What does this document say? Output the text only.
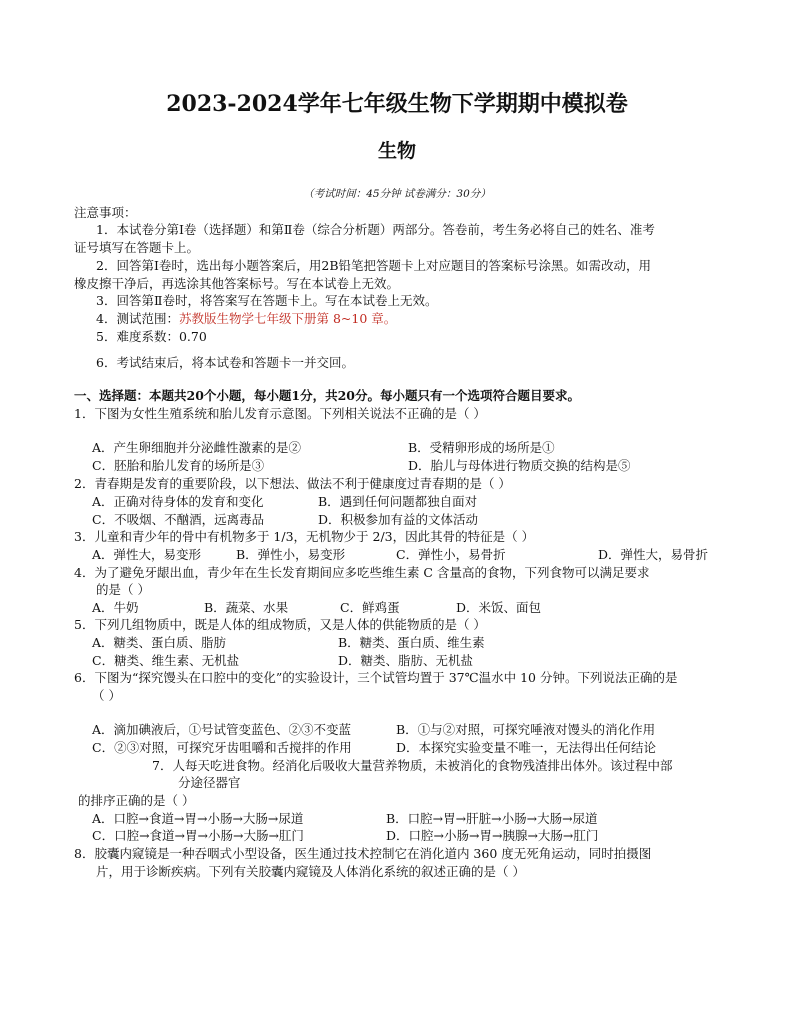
2023-2024学年七年级生物下学期期中模拟卷
生物
（考试时间：45分钟 试卷满分：30分）
注意事项：
1．本试卷分第Ⅰ卷（选择题）和第Ⅱ卷（综合分析题）两部分。答卷前，考生务必将自己的姓名、准考
证号填写在答题卡上。
2．回答第Ⅰ卷时，选出每小题答案后，用2B铅笔把答题卡上对应题目的答案标号涂黑。如需改动，用
橡皮擦干净后，再选涂其他答案标号。写在本试卷上无效。
3．回答第Ⅱ卷时，将答案写在答题卡上。写在本试卷上无效。
4．测试范围：苏教版生物学七年级下册第 8~10 章。
5．难度系数：0.70
6．考试结束后，将本试卷和答题卡一并交回。
一、选择题：本题共20个小题，每小题1分，共20分。每小题只有一个选项符合题目要求。
1．下图为女性生殖系统和胎儿发育示意图。下列相关说法不正确的是（ ）
A．产生卵细胞并分泌雌性激素的是②	B．受精卵形成的场所是①
C．胚胎和胎儿发育的场所是③	D．胎儿与母体进行物质交换的结构是⑤
2．青春期是发育的重要阶段，以下想法、做法不利于健康度过青春期的是（ ）
A．正确对待身体的发育和变化	B．遇到任何问题都独自面对
C．不吸烟、不酗酒，远离毒品	D．积极参加有益的文体活动
3．儿童和青少年的骨中有机物多于 1/3，无机物少于 2/3，因此其骨的特征是（ ）
A．弹性大，易变形	B．弹性小，易变形	C．弹性小，易骨折	D．弹性大，易骨折
4．为了避免牙龈出血，青少年在生长发育期间应多吃些维生素 C 含量高的食物，下列食物可以满足要求
的是（ ）
A．牛奶	B．蔬菜、水果	C．鲜鸡蛋	D．米饭、面包
5．下列几组物质中，既是人体的组成物质，又是人体的供能物质的是（ ）
A．糖类、蛋白质、脂肪	B．糖类、蛋白质、维生素
C．糖类、维生素、无机盐	D．糖类、脂肪、无机盐
6．下图为“探究馒头在口腔中的变化”的实验设计，三个试管均置于 37℃温水中 10 分钟。下列说法正确的是
（ ）
A．滴加碘液后，①号试管变蓝色、②③不变蓝	B．①与②对照，可探究唾液对馒头的消化作用
C．②③对照，可探究牙齿咀嚼和舌搅拌的作用	D．本探究实验变量不唯一，无法得出任何结论
7．人每天吃进食物。经消化后吸收大量营养物质，未被消化的食物残渣排出体外。该过程中部
分途径器官
的排序正确的是（ ）
A．口腔→食道→胃→小肠→大肠→尿道	B．口腔→胃→肝脏→小肠→大肠→尿道
C．口腔→食道→胃→小肠→大肠→肛门	D．口腔→小肠→胃→胰腺→大肠→肛门
8．胶囊内窥镜是一种吞咽式小型设备，医生通过技术控制它在消化道内 360 度无死角运动，同时拍摄图
片，用于诊断疾病。下列有关胶囊内窥镜及人体消化系统的叙述正确的是（ ）
